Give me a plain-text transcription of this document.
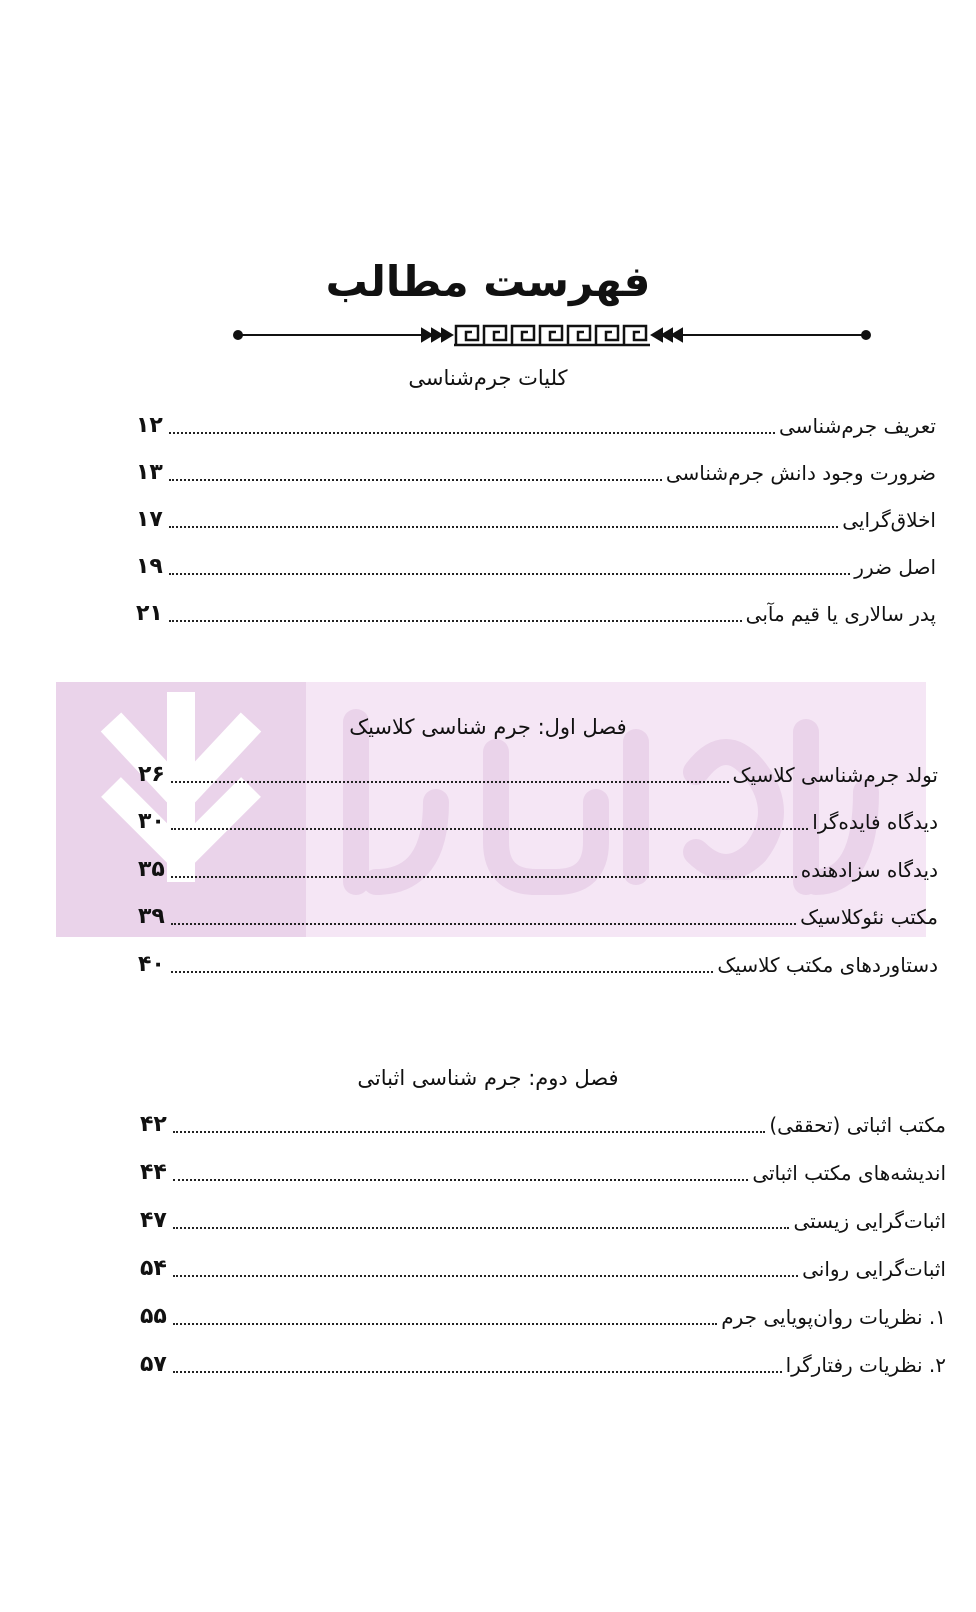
فهرست مطالب
کلیات جرم‌شناسی
تعریف جرم‌شناسی
۱۲
ضرورت وجود دانش جرم‌شناسی
۱۳
اخلاق‌گرایی
۱۷
اصل ضرر
۱۹
پدر سالاری یا قیم مآبی
۲۱
فصل اول: جرم شناسی کلاسیک
تولد جرم‌شناسی کلاسیک
۲۶
دیدگاه فایده‌گرا
۳۰
دیدگاه سزادهنده
۳۵
مکتب نئوکلاسیک
۳۹
دستاوردهای مکتب کلاسیک
۴۰
فصل دوم: جرم شناسی اثباتی
مکتب اثباتی (تحققی)
۴۲
اندیشه‌های مکتب اثباتی
۴۴
اثبات‌گرایی زیستی
۴۷
اثبات‌گرایی روانی
۵۴
۱. نظریات روان‌پویایی جرم
۵۵
۲. نظریات رفتارگرا
۵۷
